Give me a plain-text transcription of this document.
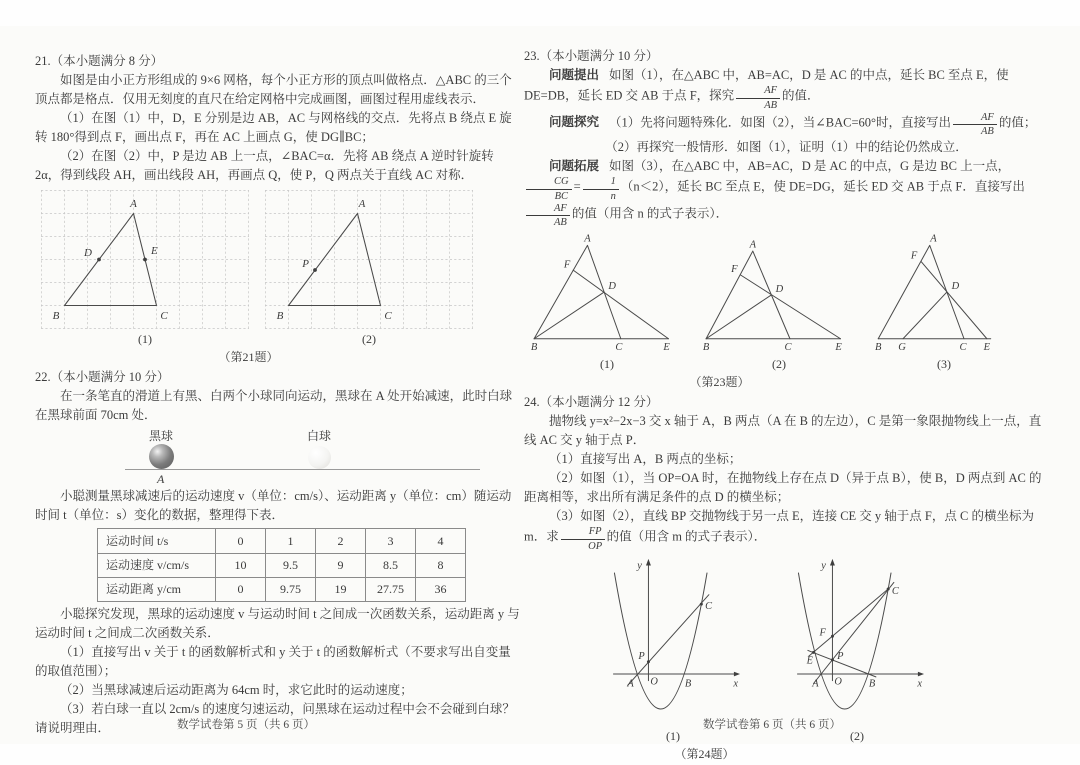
21.（本小题满分 8 分）

如图是由小正方形组成的 9×6 网格，每个小正方形的顶点叫做格点．△ABC 的三个顶点都是格点．仅用无刻度的直尺在给定网格中完成画图，画图过程用虚线表示．

（1）在图（1）中，D，E 分别是边 AB，AC 与网格线的交点．先将点 B 绕点 E 旋转 180°得到点 F，画出点 F，再在 AC 上画点 G，使 DG∥BC；

（2）在图（2）中，P 是边 AB 上一点，∠BAC=α．先将 AB 绕点 A 逆时针旋转 2α，得到线段 AH，画出线段 AH，再画点 Q，使 P，Q 两点关于直线 AC 对称．

A
B	C
D	E
(1)
A
B	C
P
(2)

（第21题）

22.（本小题满分 10 分）

在一条笔直的滑道上有黑、白两个小球同向运动，黑球在 A 处开始减速，此时白球在黑球前面 70cm 处．

黑球	白球
A

小聪测量黑球减速后的运动速度 v（单位：cm/s）、运动距离 y（单位：cm）随运动时间 t（单位：s）变化的数据，整理得下表．

运动时间 t/s	0	1	2	3	4
运动速度 v/cm/s	10	9.5	9	8.5	8
运动距离 y/cm	0	9.75	19	27.75	36

小聪探究发现，黑球的运动速度 v 与运动时间 t 之间成一次函数关系，运动距离 y 与运动时间 t 之间成二次函数关系．

（1）直接写出 v 关于 t 的函数解析式和 y 关于 t 的函数解析式（不要求写出自变量的取值范围）；

（2）当黑球减速后运动距离为 64cm 时，求它此时的运动速度；

（3）若白球一直以 2cm/s 的速度匀速运动，问黑球在运动过程中会不会碰到白球？请说明理由．

23.（本小题满分 10 分）

问题提出 如图（1），在△ABC 中，AB=AC，D 是 AC 的中点，延长 BC 至点 E，使 DE=DB，延长 ED 交 AB 于点 F，探究 $\frac{AF}{AB}$ 的值．

问题探究 （1）先将问题特殊化．如图（2），当∠BAC=60°时，直接写出 $\frac{AF}{AB}$ 的值；

（2）再探究一般情形．如图（1），证明（1）中的结论仍然成立．

问题拓展 如图（3），在△ABC 中，AB=AC，D 是 AC 的中点，G 是边 BC 上一点，
$\frac{CG}{BC} = \frac{1}{n} (n<2)$，延长 BC 至点 E，使 DE=DG，延长 ED 交 AB 于点 F．直接写出
$\frac{AF}{AB}$ 的值（用含 n 的式子表示）．

A
F
D
B	C	E
(1)
A
F
D
B	C	E
(2)
A
F
D
B G	C E
(3)

（第23题）

24.（本小题满分 12 分）

抛物线 y=x²−2x−3 交 x 轴于 A，B 两点（A 在 B 的左边），C 是第一象限抛物线上一点，直线 AC 交 y 轴于点 P．

（1）直接写出 A，B 两点的坐标；

（2）如图（1），当 OP=OA 时，在抛物线上存在点 D（异于点 B），使 B，D 两点到 AC 的距离相等，求出所有满足条件的点 D 的横坐标；

（3）如图（2），直线 BP 交抛物线于另一点 E，连接 CE 交 y 轴于点 F，点 C 的横坐标为 m．求 $\frac{FP}{OP}$ 的值（用含 m 的式子表示）．

y
x
A O B
P
C
(1)
y
x
A O B
P
C
F
E
(2)

（第24题）

数学试卷第 5 页（共 6 页）	数学试卷第 6 页（共 6 页）
